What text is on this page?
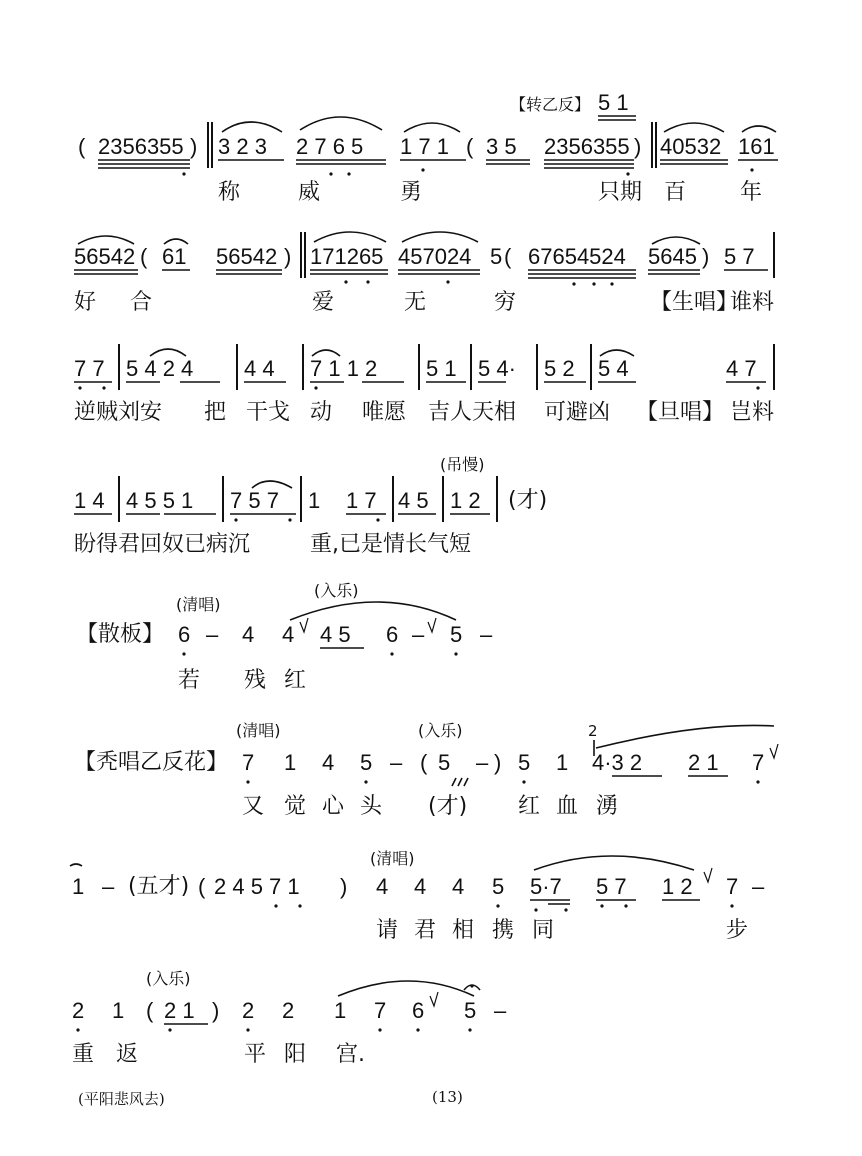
【转乙反】
( 2356355 ) 3 2 3 2 7 6 5 1 7 1 ( 3 5 2356355 ) 40532 161
5 1
称	威	勇	只期 百 年
56542 ( 61 56542 ) 171265 457024 5 ( 67654524 5645 ) 5 7
好 合	爱	无	穷	【生唱】
谁料
7 7 5 4 2 4 4 4 7 1 1 2 5 1 5 4· 5 2 5 4	4 7
逆贼刘安 把 干戈 动 唯愿 吉人天相 可避凶 【旦唱】 岂料
(吊慢)
1 4 4 5 5 1 7 5 7 1 1 7 4 5 1 2 (才)
盼得君回奴已病沉	重,已是情长气短
(清唱)
(入乐)
【散板】 6 – 4 4 4 5 6 – 5 –
若 残 红
(清唱)	(入乐)
【秃唱乙反花】
2
7 1 4 5 – ( 5 – ) 5 1 4·3 2 2 1 7
又 觉 心 头 (才) 红 血 湧
(清唱)
1 – (五才) ( 2 4 5 7 1 ) 4 4 4 5 5·7 5 7 1 2 7 –
请 君 相 携 同	步
(入乐)
2 1 ( 2 1 ) 2 2 1 7 6 5 –
重 返	平 阳 宫.
(平阳悲风去)	(13)
